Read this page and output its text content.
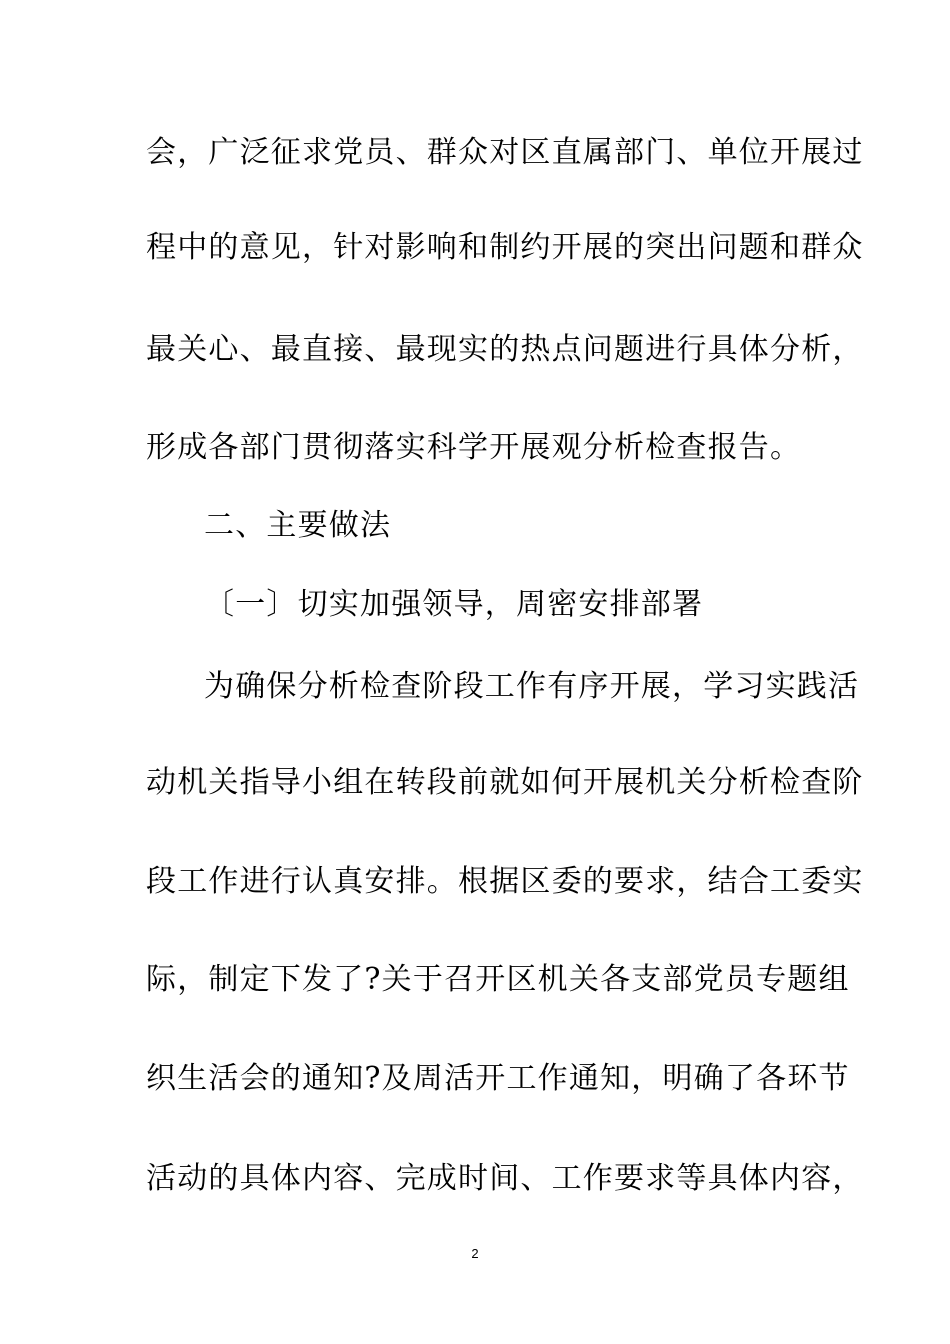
会，广泛征求党员、群众对区直属部门、单位开展过
程中的意见，针对影响和制约开展的突出问题和群众
最关心、最直接、最现实的热点问题进行具体分析，
形成各部门贯彻落实科学开展观分析检查报告。
二、主要做法
〔一〕切实加强领导，周密安排部署
为确保分析检查阶段工作有序开展，学习实践活
动机关指导小组在转段前就如何开展机关分析检查阶
段工作进行认真安排。根据区委的要求，结合工委实
际，制定下发了?关于召开区机关各支部党员专题组
织生活会的通知?及周活开工作通知，明确了各环节
活动的具体内容、完成时间、工作要求等具体内容，
2
